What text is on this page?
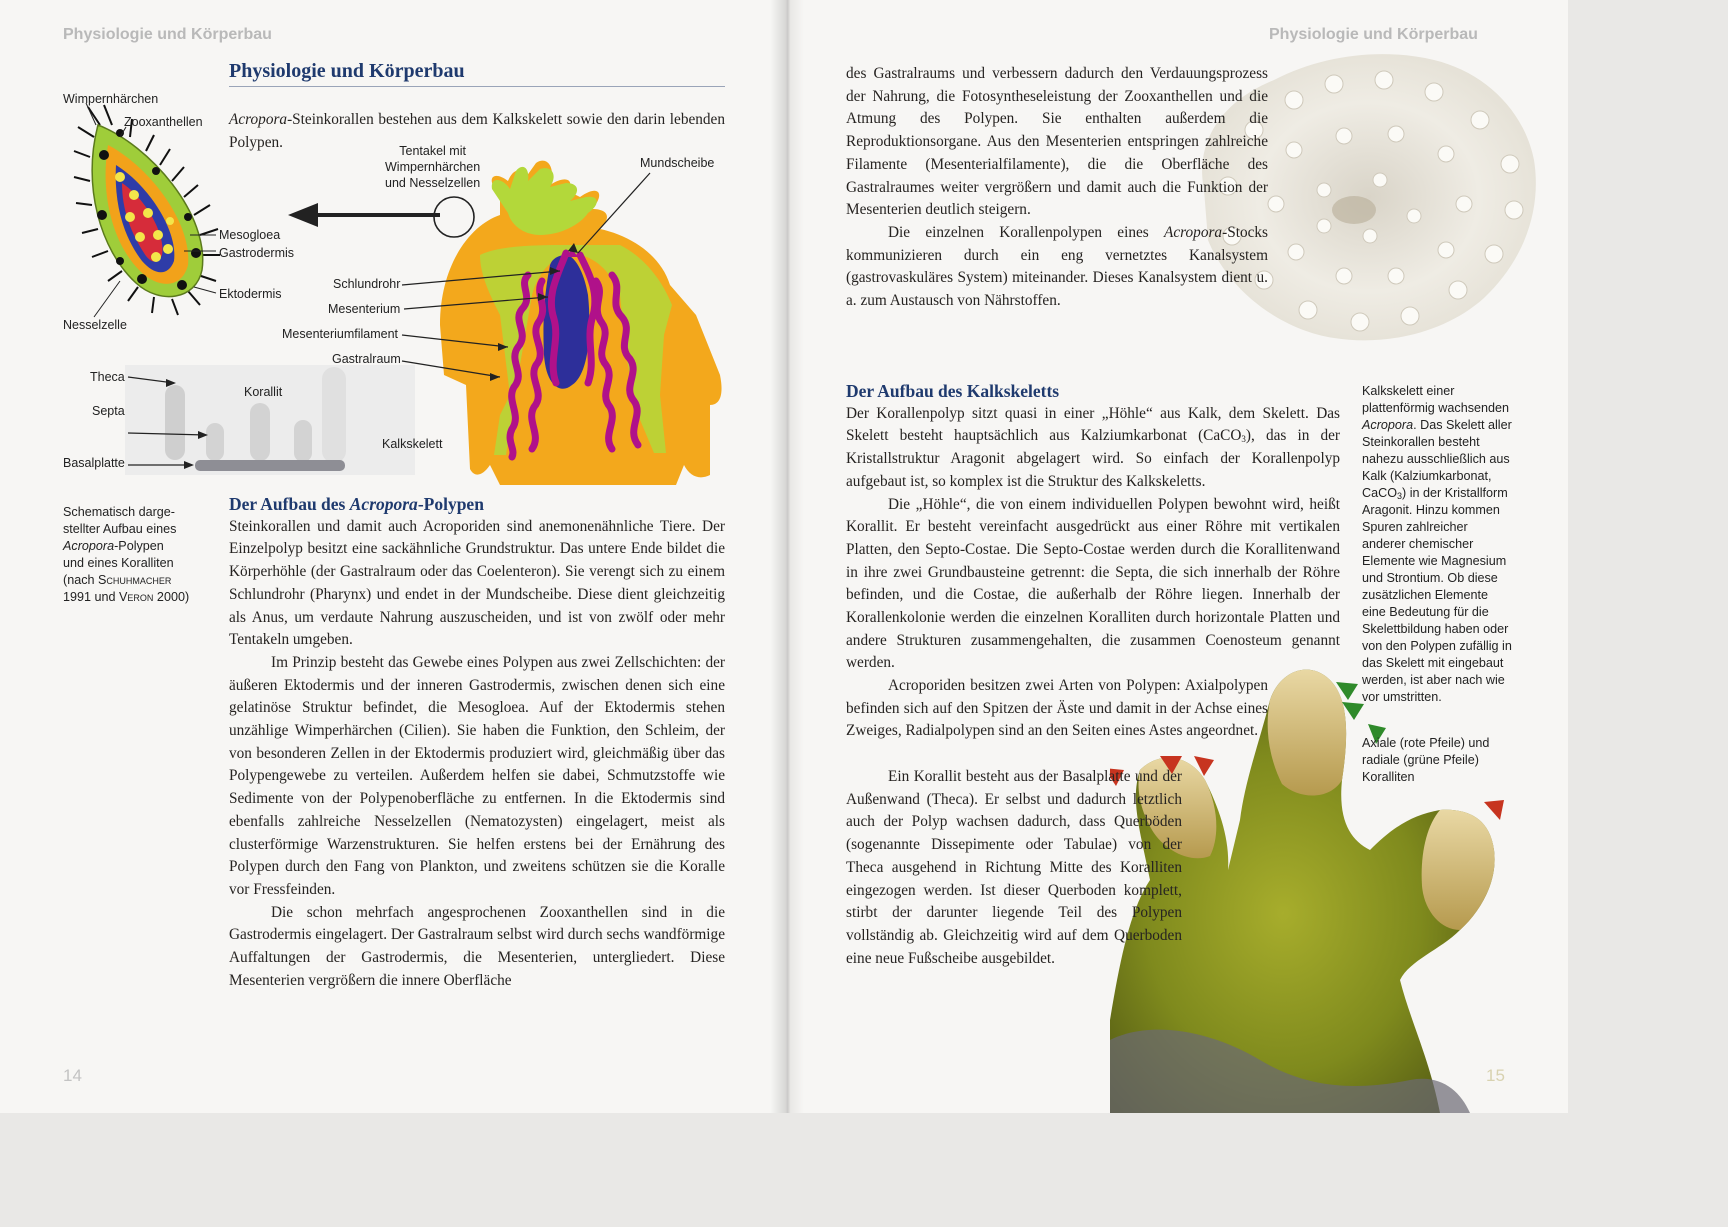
Physiologie und Körperbau

Physiologie und Körperbau

Acropora-Steinkorallen bestehen aus dem Kalkskelett sowie den darin lebenden Polypen.

Wimpernhärchen

Zooxanthellen

Mesogloea

Gastrodermis

Ektodermis

Nesselzelle

Tentakel mit
Wimpernhärchen
und Nesselzellen

Mundscheibe

Schlundrohr

Mesenterium

Mesenteriumfilament

Gastralraum

Theca

Korallit

Septa

Kalkskelett

Basalplatte

Schematisch darge-
stellter Aufbau eines
Acropora-Polypen
und eines Koralliten
(nach Schuhmacher
1991 und Veron 2000)
Der Aufbau des Acropora-Polypen

Steinkorallen und damit auch Acroporiden sind anemonenähnliche Tiere. Der Einzelpolyp besitzt eine sackähnliche Grundstruktur. Das untere Ende bildet die Körperhöhle (der Gastralraum oder das Coelenteron). Sie verengt sich zu einem Schlundrohr (Pharynx) und endet in der Mundscheibe. Diese dient gleichzeitig als Anus, um verdaute Nahrung auszuscheiden, und ist von zwölf oder mehr Tentakeln umgeben.

Im Prinzip besteht das Gewebe eines Polypen aus zwei Zellschichten: der äußeren Ektodermis und der inneren Gastrodermis, zwischen denen sich eine gelatinöse Struktur befindet, die Mesogloea. Auf der Ektodermis stehen unzählige Wimperhärchen (Cilien). Sie haben die Funktion, den Schleim, der von besonderen Zellen in der Ektodermis produziert wird, gleichmäßig über das Polypengewebe zu verteilen. Außerdem helfen sie dabei, Schmutzstoffe wie Sedimente von der Polypenoberfläche zu entfernen. In die Ektodermis sind ebenfalls zahlreiche Nesselzellen (Nematozysten) eingelagert, meist als clusterförmige Warzenstrukturen. Sie helfen erstens bei der Ernährung des Polypen durch den Fang von Plankton, und zweitens schützen sie die Koralle vor Fressfeinden.

Die schon mehrfach angesprochenen Zooxanthellen sind in die Gastrodermis eingelagert. Der Gastralraum selbst wird durch sechs wandförmige Auffaltungen der Gastrodermis, die Mesenterien, untergliedert. Diese Mesenterien vergrößern die innere Oberfläche

14

Physiologie und Körperbau

des Gastralraums und verbessern dadurch den Verdauungsprozess der Nahrung, die Fotosyntheseleistung der Zooxanthellen und die Atmung des Polypen. Sie enthalten außerdem die Reproduktionsorgane. Aus den Mesenterien entspringen zahlreiche Filamente (Mesenterialfilamente), die die Oberfläche des Gastralraumes weiter vergrößern und damit auch die Funktion der Mesenterien deutlich steigern.

Die einzelnen Korallenpolypen eines Acropora-Stocks kommunizieren durch ein eng vernetztes Kanalsystem (gastrovaskuläres System) miteinander. Dieses Kanalsystem dient u. a. zum Austausch von Nährstoffen.

Der Aufbau des Kalkskeletts

Der Korallenpolyp sitzt quasi in einer „Höhle“ aus Kalk, dem Skelett. Das Skelett besteht hauptsächlich aus Kalziumkarbonat (CaCO$_3$), das in der Kristallstruktur Aragonit abgelagert wird. So einfach der Korallenpolyp aufgebaut ist, so komplex ist die Struktur des Kalkskeletts.

Die „Höhle“, die von einem individuellen Polypen bewohnt wird, heißt Korallit. Er besteht vereinfacht ausgedrückt aus einer Röhre mit vertikalen Platten, den Septo-Costae. Die Septo-Costae werden durch die Korallitenwand in ihre zwei Grundbausteine getrennt: die Septa, die sich innerhalb der Röhre befinden, und die Costae, die außerhalb der Röhre liegen. Innerhalb der Korallenkolonie werden die einzelnen Koralliten durch horizontale Platten und andere Strukturen zusammengehalten, die zusammen Coenosteum genannt werden.

Acroporiden besitzen zwei Arten von Polypen: Axialpolypen befinden sich auf den Spitzen der Äste und damit in der Achse eines Zweiges, Radialpolypen sind an den Seiten eines Astes angeordnet.

Ein Korallit besteht aus der Basalplatte und der Außenwand (Theca). Er selbst und dadurch letztlich auch der Polyp wachsen dadurch, dass Querböden (sogenannte Dissepimente oder Tabulae) von der Theca ausgehend in Richtung Mitte des Koralliten eingezogen werden. Ist dieser Querboden komplett, stirbt der darunter liegende Teil des Polypen vollständig ab. Gleichzeitig wird auf dem Querboden eine neue Fußscheibe ausgebildet.

Kalkskelett einer plattenförmig wachsenden Acropora. Das Skelett aller Steinkorallen besteht nahezu ausschließlich aus Kalk (Kalziumkarbonat, CaCO$_3$) in der Kristallform Aragonit. Hinzu kommen Spuren zahlreicher anderer chemischer Elemente wie Magnesium und Strontium. Ob diese zusätzlichen Elemente eine Bedeutung für die Skelettbildung haben oder von den Polypen zufällig in das Skelett mit eingebaut werden, ist aber nach wie vor umstritten.

Axiale (rote Pfeile) und radiale (grüne Pfeile) Koralliten

15
